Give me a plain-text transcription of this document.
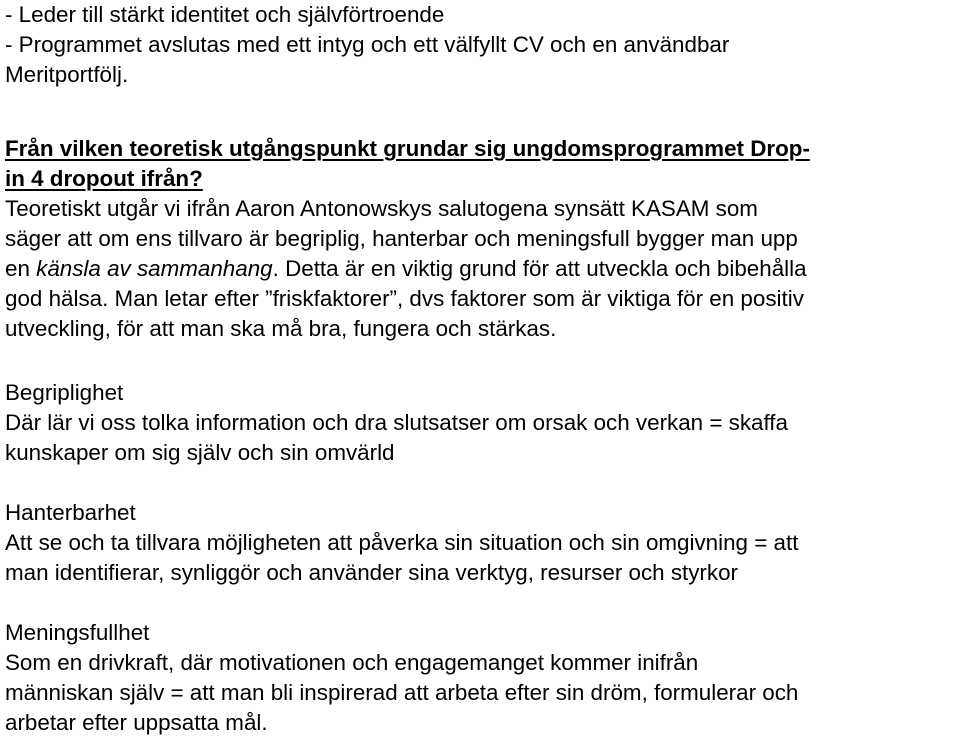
- Leder till stärkt identitet och självförtroende
- Programmet avslutas med ett intyg och ett välfyllt CV och en användbar
Meritportfölj.
Från vilken teoretisk utgångspunkt grundar sig ungdomsprogrammet Drop-
in 4 dropout ifrån?
Teoretiskt utgår vi ifrån Aaron Antonowskys salutogena synsätt KASAM som
säger att om ens tillvaro är begriplig, hanterbar och meningsfull bygger man upp
en känsla av sammanhang. Detta är en viktig grund för att utveckla och bibehålla
god hälsa. Man letar efter ”friskfaktorer”, dvs faktorer som är viktiga för en positiv
utveckling, för att man ska må bra, fungera och stärkas.
Begriplighet
Där lär vi oss tolka information och dra slutsatser om orsak och verkan = skaffa
kunskaper om sig själv och sin omvärld
Hanterbarhet
Att se och ta tillvara möjligheten att påverka sin situation och sin omgivning = att
man identifierar, synliggör och använder sina verktyg, resurser och styrkor
Meningsfullhet
Som en drivkraft, där motivationen och engagemanget kommer inifrån
människan själv = att man bli inspirerad att arbeta efter sin dröm, formulerar och
arbetar efter uppsatta mål.
